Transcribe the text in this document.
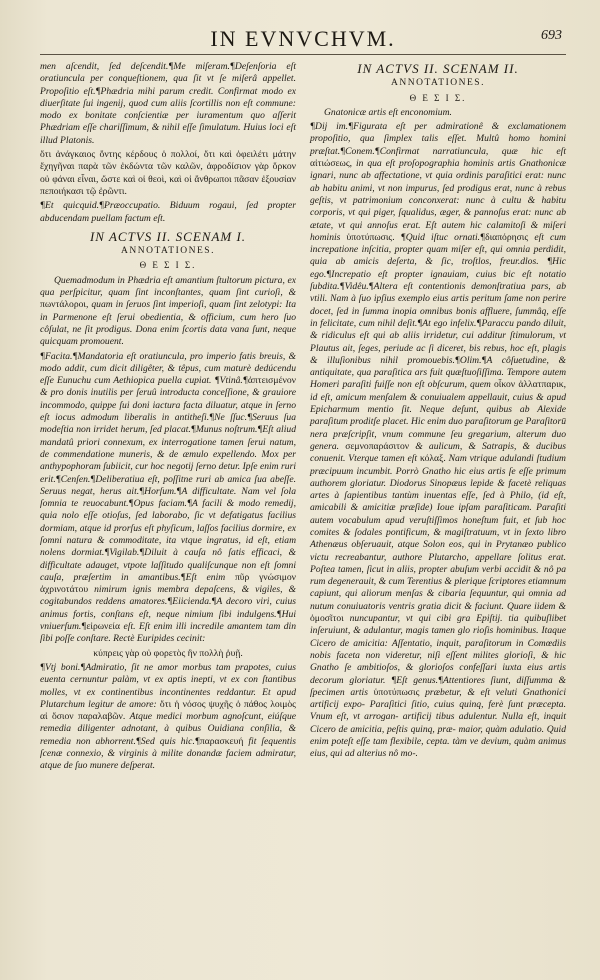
IN EVNVCHVM.	693

men aſcendit, ſed deſcendit.¶Me miſeram.¶Deſenſoria eſt oratiuncula per conqueſtionem, qua ſit vt ſe miſerâ appellet. Propoſitio eſt.¶Phædria mihi parum credit. Confirmat modo ex diuerſitate ſui ingenij, quod cum aliis ſcortillis non eſt commune: modo ex bonitate conſcientiæ per iuramentum quo aſſerit Phædriam eſſe chariſſimum, & nihil eſſe ſimulatum. Huius loci eſt illud Platonis.

ὅτι ἀνάγκαιος ὄντης κέρδους ὁ πολλοί, ὅτι καὶ ὀφειλέτι μάτην ἔχηγῆναι παρὰ τῶν ἐκδώντα τῶν καλῶν, ἀφροδίσιον γὰρ ὅρκον οὐ φάναι εἶναι, ὥστε καὶ οἱ θεοὶ, καὶ οἱ ἄνθρωποι πᾶσαν ἐξουσίαν πεποιήκασι τῷ ἐρῶντι.

¶Et quicquid.¶Præoccupatio. Biduum rogaui, ſed propter abducendam puellam factum eſt.

IN ACTVS II. SCENAM I.
ANNOTATIONES.
Θ Ε Σ Ι Σ.

Quemadmodum in Phædria eſt amantium ſtultorum pictura, ex qua perſpicitur, quam ſint inconſtantes, quam ſint curioſi, & πωντάλοροι, quam in ſeruos ſint imperioſi, quam ſint zelotypi: Ita in Parmenone eſt ſerui obedientia, & officium, cum hero ſuo côſulat, ne ſit prodigus. Dona enim ſcortis data vana ſunt, neque quicquam promouent.

¶Facita.¶Mandatoria eſt oratiuncula, pro imperio fatis breuis, & modo addit, cum dicit diligêter, & têpus, cum maturè dedúcendu eſſe Eunuchu cum Aethiopica puella cupiat. ¶Vtinâ.¶ἀπτεισμένον & pro donis inutilis per ſeruû introducta conceſſione, & grauiore incommodo, quippe ſui doni iactura facta diluatur, atque in ſerno eſt iocus admodum liberalis in antitheſi.¶Ne ſſuc.¶Seruus ſua modeſtia non irridet herum, ſed placat.¶Munus noſtrum.¶Eſt aliud mandatû priori connexum, ex interrogatione tamen ſerui natum, de commendatione muneris, & de æmulo expellendo. Mox per anthypophoram ſubiicit, cur hoc negotij ſerno detur. Ipſe enim ruri erit.¶Cenſen.¶Deliberatiua eſt, poſſitne ruri ab amica ſua abeſſe. Seruus negat, herus ait.¶Horſum.¶A difficultate. Nam vel ſola ſomnia te reuocabunt.¶Opus faciam.¶A facili & modo remedij, quia nolo eſſe otioſus, ſed laborabo, ſic vt defatigatus facilius dormiam, atque id prorſus eſt phyſicum, laſſos facilius dormire, ex ſomni natura & commoditate, ita vtque ingratus, id eſt, etiam nolens dormiat.¶Vigilab.¶Diluit à cauſa nô ſatis efficaci, & difficultate adauget, vtpote laſſitudo qualiſcunque non eſt ſomni cauſa, præſertim in amantibus.¶Eſt enim πῦρ γνώσιμον ἀχρινοτάτου nimirum ignis membra depaſcens, & vigiles, & cogitabundos reddens amatores.¶Eiicienda.¶A decoro viri, cuius animus fortis, conſtans eſt, neque nimium ſibi indulgens.¶Hui vniuerſum.¶εἰρωνεία eſt. Eſt enim illi incredile amantem tam din ſibi poſſe conſtare. Rectè Euripides cecinit:

κύπρεις γὰρ οὐ φορετὸς ἢν πολλὴ ῥυῇ.

¶Vtj boni.¶Admiratio, ſit ne amor morbus tam prapotes, cuius euenta cernuntur palàm, vt ex aptis inepti, vt ex con ſtantibus molles, vt ex continentibus incontinentes reddantur. Et apud Plutarchum legitur de amore: ὅτι ἡ νόσος ψυχῆς ὁ πάθος λοιμὸς αἰ ὅσιον παραλαβῶν. Atque medici morbum agnoſcunt, eiúſque remedia diligenter adnotant, à quibus Ouidiana conſilia, & remedia non abhorrent.¶Sed quis hic.¶παρασκευή fit ſequentis ſcenæ connexio, & virginis à milite donandæ faciem admiratur, atque de ſuo munere deſperat.

IN ACTVS II. SCENAM II.
ANNOTATIONES.
Θ Ε Σ Ι Σ.

Gnatonicæ artis eſt enconomium.

¶Dij im.¶Figurata eſt per admirationê & exclamationem propoſitio, qua ſimplex talis eſſet. Multû homo homini præſtat.¶Conem.¶Confirmat narratiuncula, quæ hic eſt αἰτιώσεως, in qua eſt proſopographia hominis artis Gnathonicæ ignari, nunc ab affectatione, vt quia ordinis paraſitici erat: nunc ab habitu animi, vt non impurus, ſed prodigus erat, nunc à rebus geſtis, vt patrimonium conconxerat: nunc à cultu & habitu corporis, vt qui piger, ſqualidus, æger, & pannoſus erat: nunc ab ætate, vt qui annoſus erat. Eſt autem hic calamitoſi & miſeri hominis ὑποτύπωσις. ¶Quid iſtuc ornati.¶διαπόρησις eſt cum increpatione inſcitia, propter quam miſer eſt, qui omnia perdidit, quia ab amicis deſerta, & ſic, troſtlos, freur.dlos. ¶Hic ego.¶Increpatio eſt propter ignauiam, cuius bic eſt notatio ſubdita.¶Vidêu.¶Altera eſt contentionis demonſtratiua pars, ab vtili. Nam à ſuo ipſius exemplo eius artis peritum ſame non perire docet, ſed in ſumma inopia omnibus bonis affluere, ſummâq, eſſe in felicitate, cum nihil deſit.¶At ego infelix.¶Paraccu pando diluit, & ridiculus eſt qui ab aliis irridetur, cui additur ſtimulorum, vt Plautus ait, ſeges, periude ac ſi diceret, bis rebus, hoc eſt, plagis & illuſionibus nihil promouebis.¶Olim.¶A côſuetudine, & antiquitate, qua paraſitica ars fuit quæſtuoſiſſima. Tempore autem Homeri paraſiti fuiſſe non eſt obſcurum, quem οἶκον ἀλλατπαρικ, id eſt, amicum menſalem & conuiualem appellauit, cuius & apud Epicharmum mentio ſit. Neque deſunt, quibus ab Alexide paraſitum proditſe placet. Hic enim duo paraſitorum ge Paraſitorū nera præſcripſit, vnum commune ſeu gregarium, alterum duo genera. σεμνοπαράσιτον & aulicum, & Satrapis, & ducibus conuenit. Vterque tamen eſt κόλαξ. Nam vtrique adulandi ſtudium præcipuum incumbit. Porrò Gnatho hic eius artis ſe eſſe primum authorem gloriatur. Diodorus Sinopæus lepide & facetè reliquas artes à ſapientibus tantùm inuentas eſſe, ſed à Philo, (id eſt, amicabili & amicitiæ præſide) Ioue ipſam paraſiticam. Paraſiti autem vocabulum apud veruſtiſſimos honeſtum fuit, et ſub hoc comites & ſodales pontificum, & magiſtratuum, vt in ſexto libro Athenæus obſeruauit, atque Solon eos, qui in Prytanæo publico victu recreabantur, authore Plutarcho, appellare ſolitus erat. Poſtea tamen, ſicut in aliis, propter abuſum verbi accidit & nô pa rum degenerauit, & cum Terentius & plerique ſcriptores etiamnum capiunt, qui aliorum menſas & cibaria ſequuntur, qui omnia ad nutum conuiuatoris ventris gratia dicit & faciunt. Quare iidem & ὁμοσῖτοι nuncupantur, vt qui cibi gra Epiſtij. tia quibuſlibet inſeruiunt, & adulantur, magis tamen glo rioſis hominibus. Itaque Cicero de amicitia: Aſſentatio, inquit, paraſitorum in Comœdiis nobis faceta non videretur, niſi eſſent milites glorioſi, & hic Gnatho ſe ambitioſos, & glorioſos confeſſari iuxta eius artis decorum gloriatur. ¶Eſt genus.¶Attentiores ſiunt, diſſumma & ſpecimen artis ὑποτύπωσις præbetur, & eſt veluti Gnathonici artificij expo- Paraſitici ſitio, cuius quinq, ferè ſunt præcepta. Vnum eſt, vt arrogan- artificij tibus adulentur. Nulla eſt, inquit Cicero de amicitia, peſtis quinq, præ- maior, quàm adulatio. Quid enim poteſt eſſe tam flexibile, cepta. tàm ve devium, quàm animus eius, qui ad alterius nô mo-.
